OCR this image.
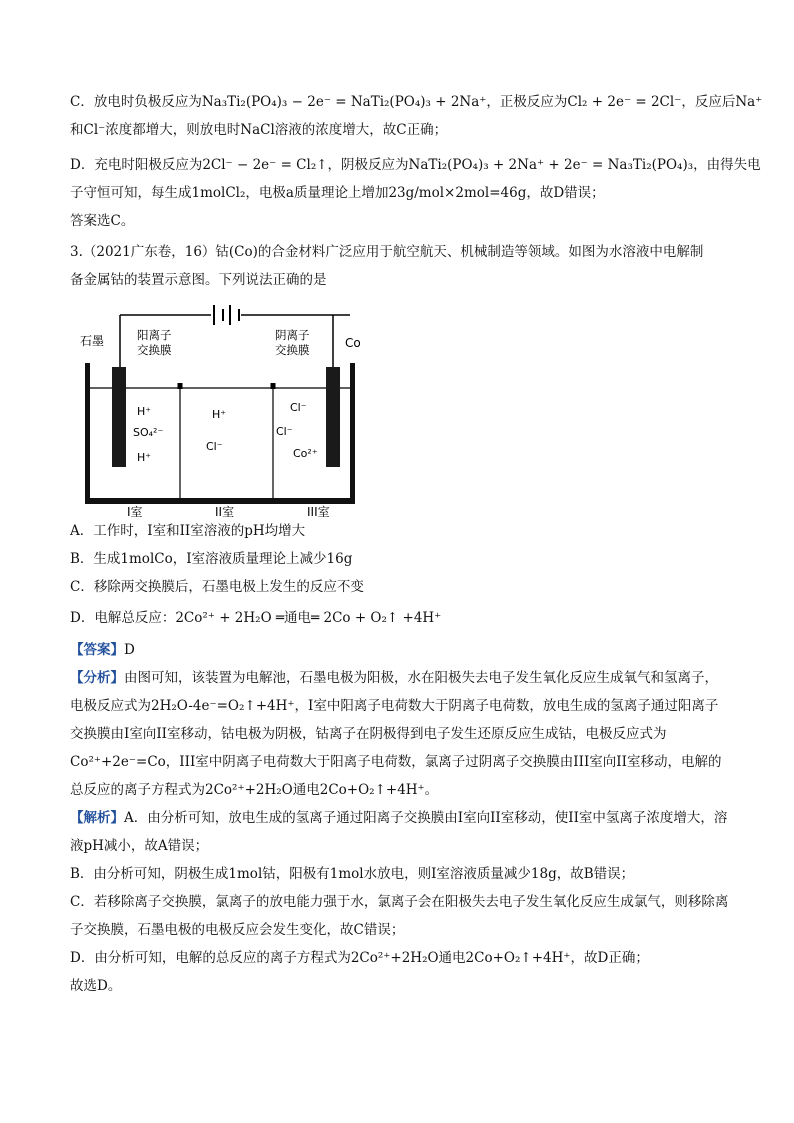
C．放电时负极反应为Na₃Ti₂(PO₄)₃ − 2e⁻ = NaTi₂(PO₄)₃ + 2Na⁺，正极反应为Cl₂ + 2e⁻ = 2Cl⁻，反应后Na⁺
和Cl⁻浓度都增大，则放电时NaCl溶液的浓度增大，故C正确；
D．充电时阳极反应为2Cl⁻ − 2e⁻ = Cl₂↑，阴极反应为NaTi₂(PO₄)₃ + 2Na⁺ + 2e⁻ = Na₃Ti₂(PO₄)₃，由得失电
子守恒可知，每生成1molCl₂，电极a质量理论上增加23g/mol×2mol=46g，故D错误；
答案选C。
3.（2021广东卷，16）钴(Co)的合金材料广泛应用于航空航天、机械制造等领域。如图为水溶液中电解制
备金属钴的装置示意图。下列说法正确的是
石墨	阳离子
交换膜
阴离子
交换膜	Co
H⁺
SO₄²⁻
H⁺
H⁺
Cl⁻
Cl⁻
Cl⁻
Co²⁺
I室	II室	III室
A．工作时，I室和II室溶液的pH均增大
B．生成1molCo，I室溶液质量理论上减少16g
C．移除两交换膜后，石墨电极上发生的反应不变
D．电解总反应：2Co²⁺ + 2H₂O ═通电═ 2Co + O₂↑ +4H⁺
【答案】D
【分析】由图可知，该装置为电解池，石墨电极为阳极，水在阳极失去电子发生氧化反应生成氧气和氢离子，电极反应式为2H₂O-4e⁻=O₂↑+4H⁺，I室中阳离子电荷数大于阴离子电荷数，放电生成的氢离子通过阳离子交换膜由I室向II室移动，钴电极为阴极，钴离子在阴极得到电子发生还原反应生成钴，电极反应式为Co²⁺+2e⁻=Co，III室中阴离子电荷数大于阳离子电荷数，氯离子过阴离子交换膜由III室向II室移动，电解的总反应的离子方程式为2Co²⁺+2H₂O通电2Co+O₂↑+4H⁺。
【解析】A．由分析可知，放电生成的氢离子通过阳离子交换膜由I室向II室移动，使II室中氢离子浓度增大，溶液pH减小，故A错误；
B．由分析可知，阴极生成1mol钴，阳极有1mol水放电，则I室溶液质量减少18g，故B错误；
C．若移除离子交换膜，氯离子的放电能力强于水，氯离子会在阳极失去电子发生氧化反应生成氯气，则移除离子交换膜，石墨电极的电极反应会发生变化，故C错误；
D．由分析可知，电解的总反应的离子方程式为2Co²⁺+2H₂O通电2Co+O₂↑+4H⁺，故D正确；
故选D。
